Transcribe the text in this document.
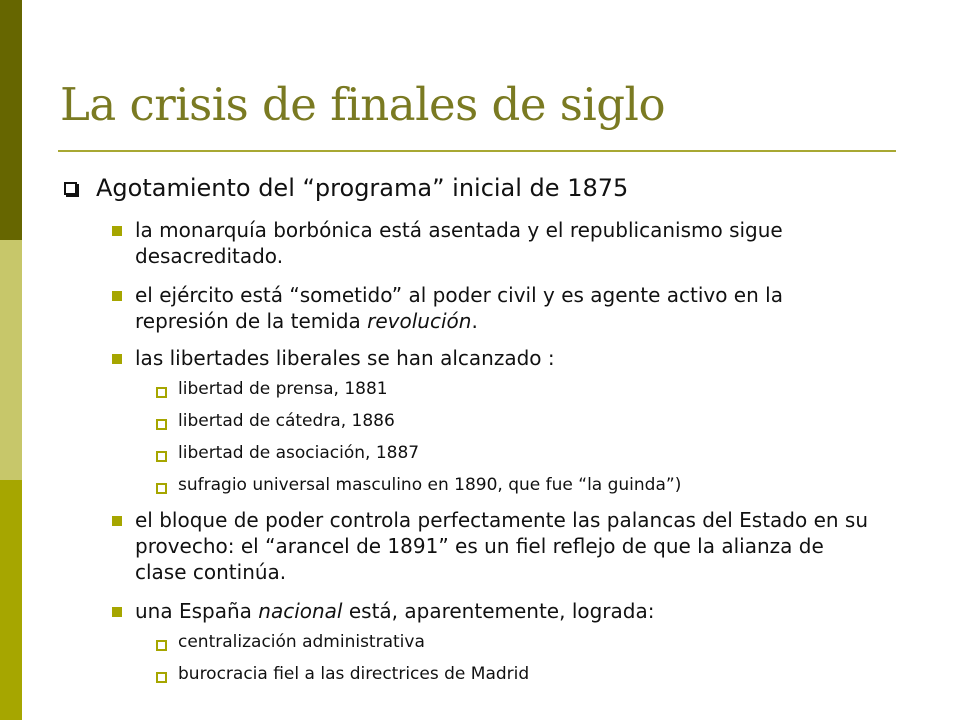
La crisis de finales de siglo
Agotamiento del “programa” inicial de 1875
la monarquía borbónica está asentada y el republicanismo sigue desacreditado.
el ejército está “sometido” al poder civil y es agente activo en la represión de la temida revolución.
las libertades liberales se han alcanzado :
libertad de prensa, 1881
libertad de cátedra, 1886
libertad de asociación, 1887
sufragio universal masculino en 1890, que fue “la guinda”)
el bloque de poder controla perfectamente las palancas del Estado en su provecho: el “arancel de 1891” es un fiel reflejo de que la alianza de clase continúa.
una España nacional está, aparentemente, lograda:
centralización administrativa
burocracia fiel a las directrices de Madrid
